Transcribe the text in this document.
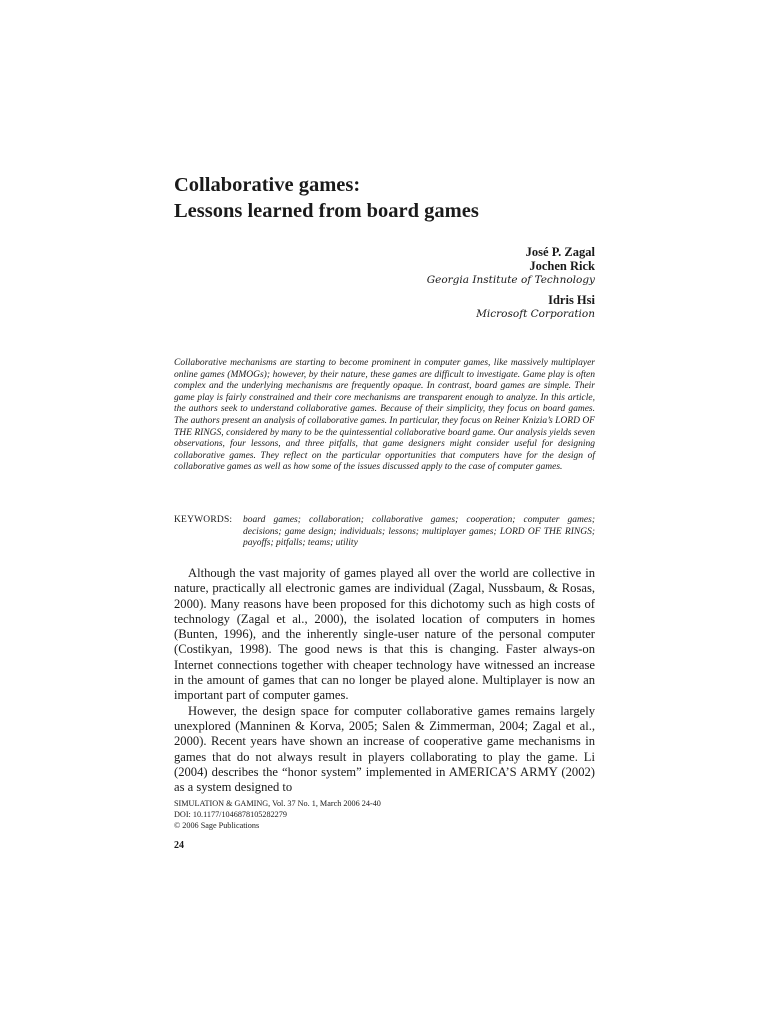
Collaborative games:
Lessons learned from board games
José P. Zagal
Jochen Rick
Georgia Institute of Technology
Idris Hsi
Microsoft Corporation

Collaborative mechanisms are starting to become prominent in computer games, like massively multiplayer online games (MMOGs); however, by their nature, these games are difficult to investigate. Game play is often complex and the underlying mechanisms are frequently opaque. In contrast, board games are simple. Their game play is fairly constrained and their core mechanisms are transparent enough to analyze. In this article, the authors seek to understand collaborative games. Because of their simplicity, they focus on board games. The authors present an analysis of collaborative games. In particular, they focus on Reiner Knizia’s LORD OF THE RINGS, considered by many to be the quintessential collaborative board game. Our analysis yields seven observations, four lessons, and three pitfalls, that game designers might consider useful for designing collaborative games. They reflect on the particular opportunities that computers have for the design of collaborative games as well as how some of the issues discussed apply to the case of computer games.

KEYWORDS:	board games; collaboration; collaborative games; cooperation; computer games; decisions; game design; individuals; lessons; multiplayer games; LORD OF THE RINGS; payoffs; pitfalls; teams; utility

Although the vast majority of games played all over the world are collective in nature, practically all electronic games are individual (Zagal, Nussbaum, & Rosas, 2000). Many reasons have been proposed for this dichotomy such as high costs of technology (Zagal et al., 2000), the isolated location of computers in homes (Bunten, 1996), and the inherently single-user nature of the personal computer (Costikyan, 1998). The good news is that this is changing. Faster always-on Internet connections together with cheaper technology have witnessed an increase in the amount of games that can no longer be played alone. Multiplayer is now an important part of computer games.

However, the design space for computer collaborative games remains largely unexplored (Manninen & Korva, 2005; Salen & Zimmerman, 2004; Zagal et al., 2000). Recent years have shown an increase of cooperative game mechanisms in games that do not always result in players collaborating to play the game. Li (2004) describes the “honor system” implemented in AMERICA’S ARMY (2002) as a system designed to

SIMULATION & GAMING, Vol. 37 No. 1, March 2006 24-40
DOI: 10.1177/1046878105282279
© 2006 Sage Publications
24
